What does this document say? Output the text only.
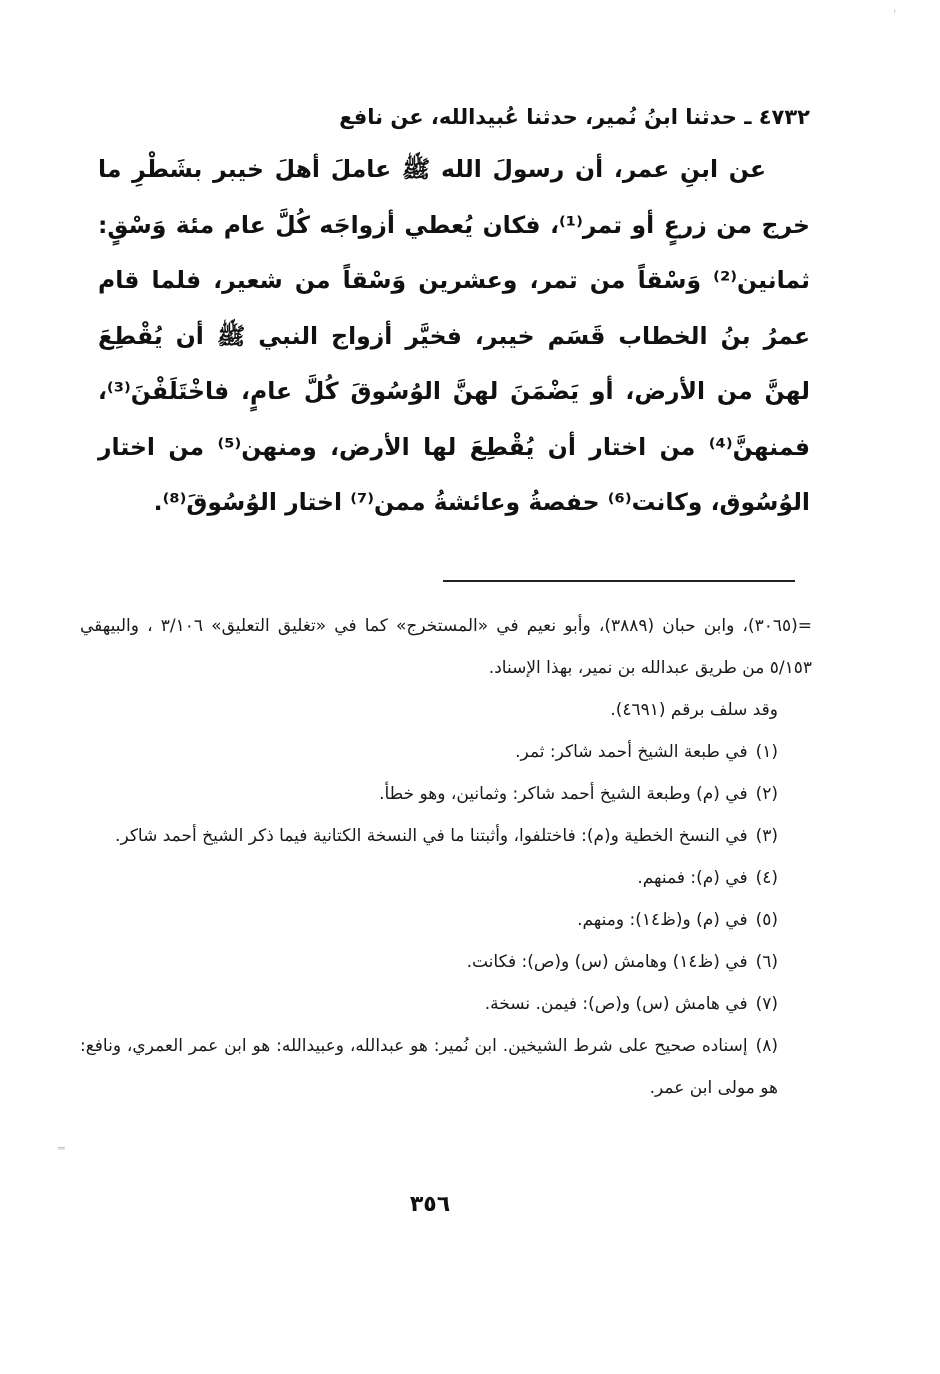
ˈ
═

٤٧٣٢ ـ حدثنا ابنُ نُمير، حدثنا عُبيدالله، عن نافع

عن ابنِ عمر، أن رسولَ الله ﷺ عاملَ أهلَ خيبر بشَطْرِ ما خرج من زرعٍ أو تمر⁽¹⁾، فكان يُعطي أزواجَه كُلَّ عام مئة وَسْقٍ: ثمانين⁽²⁾ وَسْقاً من تمر، وعشرين وَسْقاً من شعير، فلما قام عمرُ بنُ الخطاب قَسَم خيبر، فخيَّر أزواج النبي ﷺ أن يُقْطِعَ لهنَّ من الأرض، أو يَضْمَنَ لهنَّ الوُسُوقَ كُلَّ عامٍ، فاخْتَلَفْنَ⁽³⁾، فمنهنَّ⁽⁴⁾ من اختار أن يُقْطِعَ لها الأرض، ومنهن⁽⁵⁾ من اختار الوُسُوق، وكانت⁽⁶⁾ حفصةُ وعائشةُ ممن⁽⁷⁾ اختار الوُسُوقَ⁽⁸⁾.

=(٣٠٦٥)، وابن حبان (٣٨٨٩)، وأبو نعيم في «المستخرج» كما في «تغليق التعليق» ٣/١٠٦ ، والبيهقي ٥/١٥٣ من طريق عبدالله بن نمير، بهذا الإسناد.

وقد سلف برقم (٤٦٩١).

(١)في طبعة الشيخ أحمد شاكر: ثمر.

(٢)في (م) وطبعة الشيخ أحمد شاكر: وثمانين، وهو خطأ.

(٣)في النسخ الخطية و(م): فاختلفوا، وأثبتنا ما في النسخة الكتانية فيما ذكر الشيخ أحمد شاكر.

(٤)في (م): فمنهم.

(٥)في (م) و(ظ١٤): ومنهم.

(٦)في (ظ١٤) وهامش (س) و(ص): فكانت.

(٧)في هامش (س) و(ص): فيمن. نسخة.

(٨)إسناده صحيح على شرط الشيخين. ابن نُمير: هو عبدالله، وعبيدالله: هو ابن عمر العمري، ونافع: هو مولى ابن عمر.

٣٥٦
